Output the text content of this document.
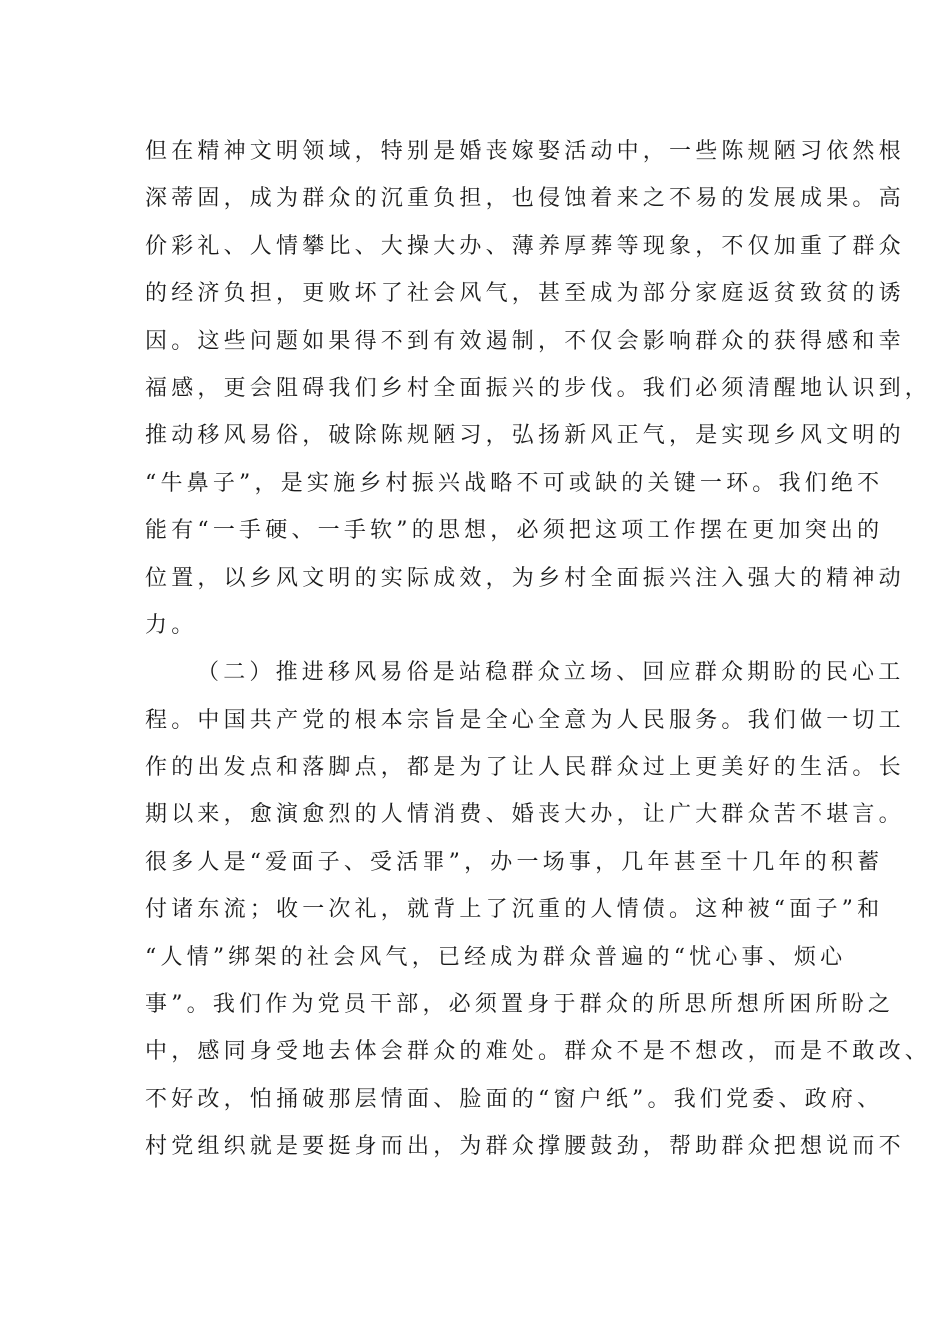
但在精神文明领域，特别是婚丧嫁娶活动中，一些陈规陋习依然根
深蒂固，成为群众的沉重负担，也侵蚀着来之不易的发展成果。高
价彩礼、人情攀比、大操大办、薄养厚葬等现象，不仅加重了群众
的经济负担，更败坏了社会风气，甚至成为部分家庭返贫致贫的诱
因。这些问题如果得不到有效遏制，不仅会影响群众的获得感和幸
福感，更会阻碍我们乡村全面振兴的步伐。我们必须清醒地认识到，
推动移风易俗，破除陈规陋习，弘扬新风正气，是实现乡风文明的
“牛鼻子”，是实施乡村振兴战略不可或缺的关键一环。我们绝不
能有“一手硬、一手软”的思想，必须把这项工作摆在更加突出的
位置，以乡风文明的实际成效，为乡村全面振兴注入强大的精神动
力。
（二）推进移风易俗是站稳群众立场、回应群众期盼的民心工
程。中国共产党的根本宗旨是全心全意为人民服务。我们做一切工
作的出发点和落脚点，都是为了让人民群众过上更美好的生活。长
期以来，愈演愈烈的人情消费、婚丧大办，让广大群众苦不堪言。
很多人是“爱面子、受活罪”，办一场事，几年甚至十几年的积蓄
付诸东流；收一次礼，就背上了沉重的人情债。这种被“面子”和
“人情”绑架的社会风气，已经成为群众普遍的“忧心事、烦心
事”。我们作为党员干部，必须置身于群众的所思所想所困所盼之
中，感同身受地去体会群众的难处。群众不是不想改，而是不敢改、
不好改，怕捅破那层情面、脸面的“窗户纸”。我们党委、政府、
村党组织就是要挺身而出，为群众撑腰鼓劲，帮助群众把想说而不
